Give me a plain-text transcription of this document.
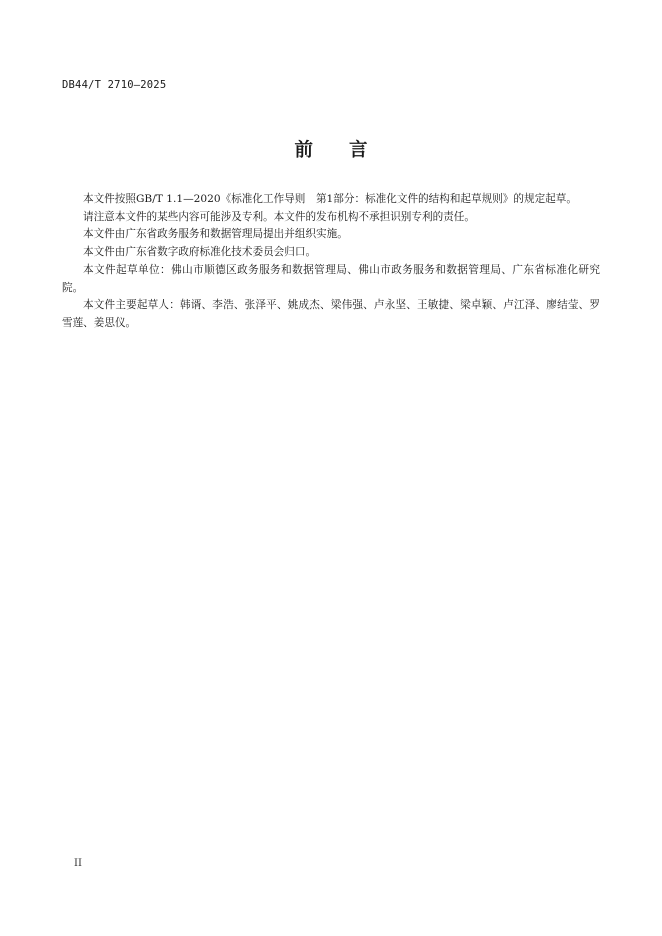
DB44/T 2710—2025
前 言

本文件按照GB/T 1.1—2020《标准化工作导则　第1部分：标准化文件的结构和起草规则》的规定起草。

请注意本文件的某些内容可能涉及专利。本文件的发布机构不承担识别专利的责任。

本文件由广东省政务服务和数据管理局提出并组织实施。

本文件由广东省数字政府标准化技术委员会归口。

本文件起草单位：佛山市顺德区政务服务和数据管理局、佛山市政务服务和数据管理局、广东省标准化研究院。

本文件主要起草人：韩谞、李浩、张泽平、姚成杰、梁伟强、卢永坚、王敏捷、梁卓颖、卢江泽、廖结莹、罗雪莲、姜思仪。

II
